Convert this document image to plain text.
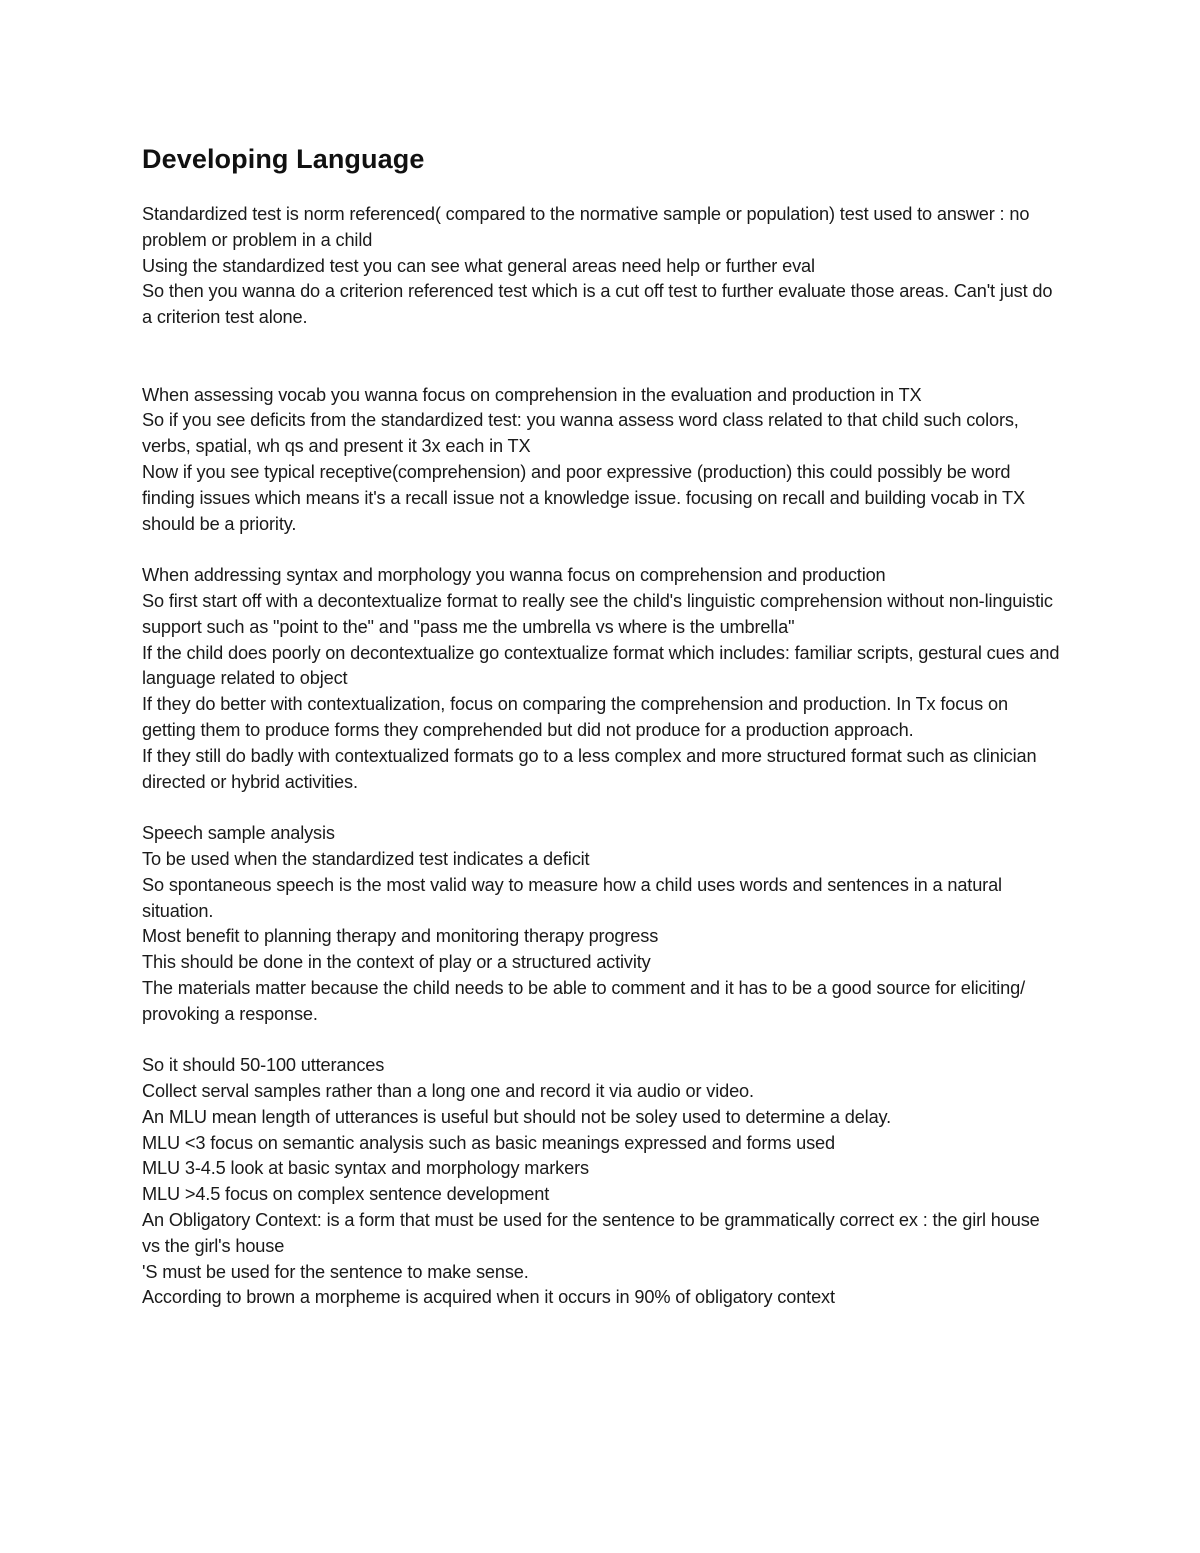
Developing Language
Standardized test is norm referenced( compared to the normative sample or population) test used to answer : no problem or problem in a child
Using the standardized test you can see what general areas need help or further eval
So then you wanna do a criterion referenced test which is a cut off test to further evaluate those areas. Can't just do a criterion test alone.
When assessing vocab you wanna focus on comprehension in the evaluation and production in TX
So if you see deficits from the standardized test: you wanna assess word class related to that child such colors, verbs, spatial, wh qs and present it 3x each in TX
Now if you see typical receptive(comprehension) and poor expressive (production) this could possibly be word finding issues which means it's a recall issue not a knowledge issue. focusing on recall and building vocab in TX should be a priority.
When addressing syntax and morphology you wanna focus on comprehension and production
So first start off with a decontextualize format to really see the child's linguistic comprehension without non-linguistic support such as "point to the" and "pass me the umbrella vs where is the umbrella"
If the child does poorly on decontextualize go contextualize format which includes: familiar scripts, gestural cues and language related to object
If they do better with contextualization, focus on comparing the comprehension and production. In Tx focus on getting them to produce forms they comprehended but did not produce for a production approach.
If they still do badly with contextualized formats go to a less complex and more structured format such as clinician directed or hybrid activities.
Speech sample analysis
To be used when the standardized test indicates a deficit
So spontaneous speech is the most valid way to measure how a child uses words and sentences in a natural situation.
Most benefit to planning therapy and monitoring therapy progress
This should be done in the context of play or a structured activity
The materials matter because the child needs to be able to comment and it has to be a good source for eliciting/ provoking a response.
So it should 50-100 utterances
Collect serval samples rather than a long one and record it via audio or video.
An MLU mean length of utterances is useful but should not be soley used to determine a delay.
MLU <3 focus on semantic analysis such as basic meanings expressed and forms used
MLU 3-4.5 look at basic syntax and morphology markers
MLU >4.5 focus on complex sentence development
An Obligatory Context: is a form that must be used for the sentence to be grammatically correct ex : the girl house vs the girl's house
'S must be used for the sentence to make sense.
According to brown a morpheme is acquired when it occurs in 90% of obligatory context
